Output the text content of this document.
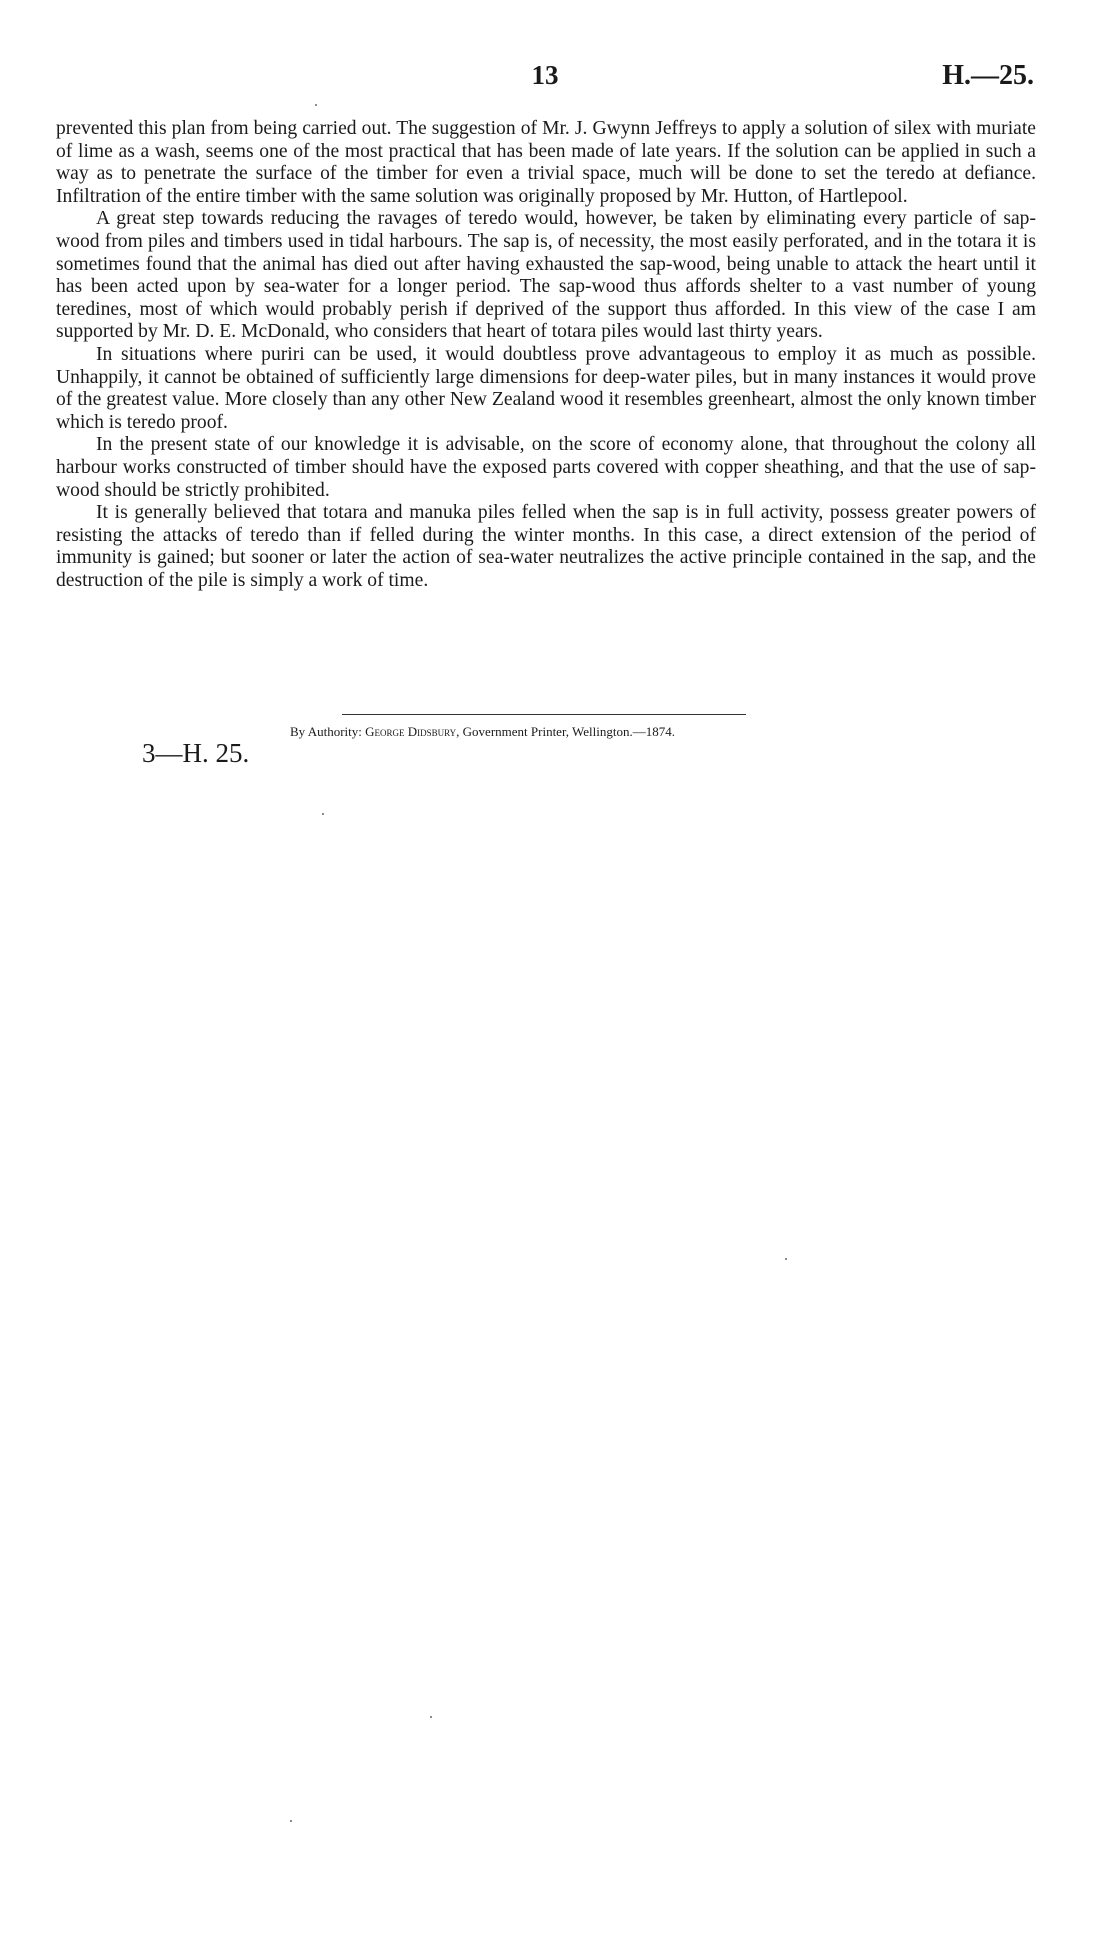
13	H.—25.

prevented this plan from being carried out. The suggestion of Mr. J. Gwynn Jeffreys to apply a solution of silex with muriate of lime as a wash, seems one of the most practical that has been made of late years. If the solution can be applied in such a way as to penetrate the surface of the timber for even a trivial space, much will be done to set the teredo at defiance. Infiltration of the entire timber with the same solution was originally proposed by Mr. Hutton, of Hartlepool.

A great step towards reducing the ravages of teredo would, however, be taken by eliminating every particle of sap-wood from piles and timbers used in tidal harbours. The sap is, of necessity, the most easily perforated, and in the totara it is sometimes found that the animal has died out after having exhausted the sap-wood, being unable to attack the heart until it has been acted upon by sea-water for a longer period. The sap-wood thus affords shelter to a vast number of young teredines, most of which would probably perish if deprived of the support thus afforded. In this view of the case I am supported by Mr. D. E. McDonald, who considers that heart of totara piles would last thirty years.

In situations where puriri can be used, it would doubtless prove advantageous to employ it as much as possible. Unhappily, it cannot be obtained of sufficiently large dimensions for deep-water piles, but in many instances it would prove of the greatest value. More closely than any other New Zealand wood it resembles greenheart, almost the only known timber which is teredo proof.

In the present state of our knowledge it is advisable, on the score of economy alone, that throughout the colony all harbour works constructed of timber should have the exposed parts covered with copper sheathing, and that the use of sap-wood should be strictly prohibited.

It is generally believed that totara and manuka piles felled when the sap is in full activity, possess greater powers of resisting the attacks of teredo than if felled during the winter months. In this case, a direct extension of the period of immunity is gained; but sooner or later the action of sea-water neutralizes the active principle contained in the sap, and the destruction of the pile is simply a work of time.

By Authority: George Didsbury, Government Printer, Wellington.—1874.
3—H. 25.
